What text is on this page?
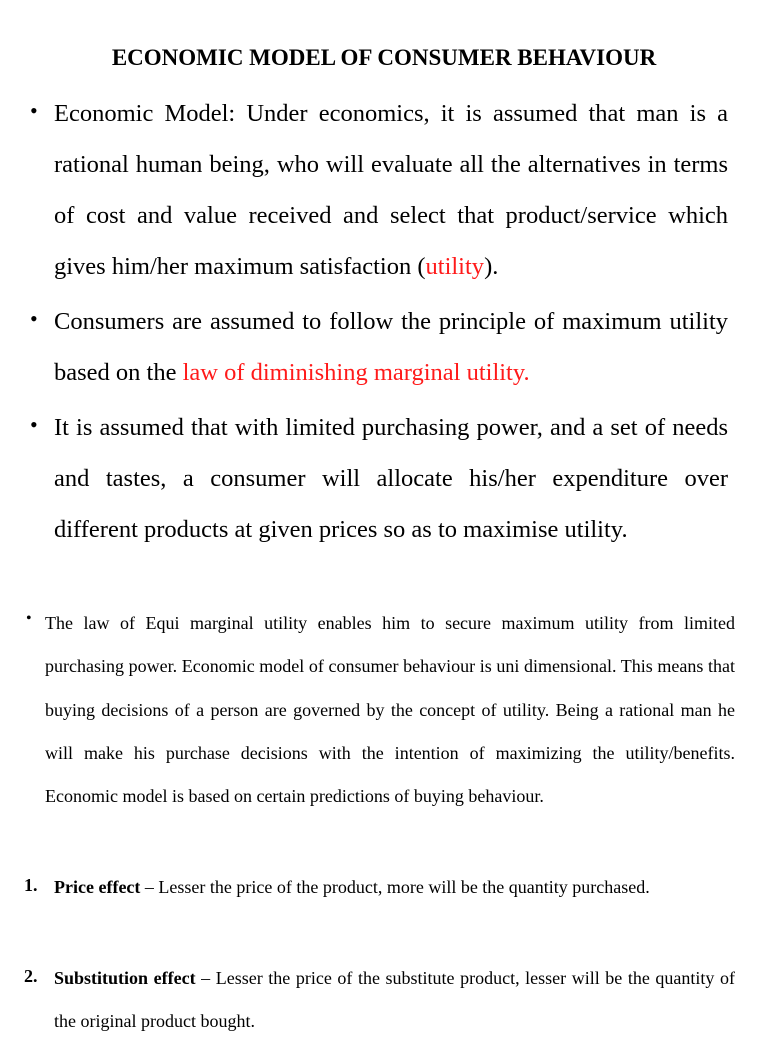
ECONOMIC MODEL OF CONSUMER BEHAVIOUR
• Economic Model: Under economics, it is assumed that man is a rational human being, who will evaluate all the alternatives in terms of cost and value received and select that product/service which gives him/her maximum satisfaction (utility).

• Consumers are assumed to follow the principle of maximum utility based on the law of diminishing marginal utility.

• It is assumed that with limited purchasing power, and a set of needs and tastes, a consumer will allocate his/her expenditure over different products at given prices so as to maximise utility.

• The law of Equi marginal utility enables him to secure maximum utility from limited purchasing power. Economic model of consumer behaviour is uni dimensional. This means that buying decisions of a person are governed by the concept of utility. Being a rational man he will make his purchase decisions with the intention of maximizing the utility/benefits. Economic model is based on certain predictions of buying behaviour.

1. Price effect – Lesser the price of the product, more will be the quantity purchased.

2. Substitution effect – Lesser the price of the substitute product, lesser will be the quantity of the original product bought.
